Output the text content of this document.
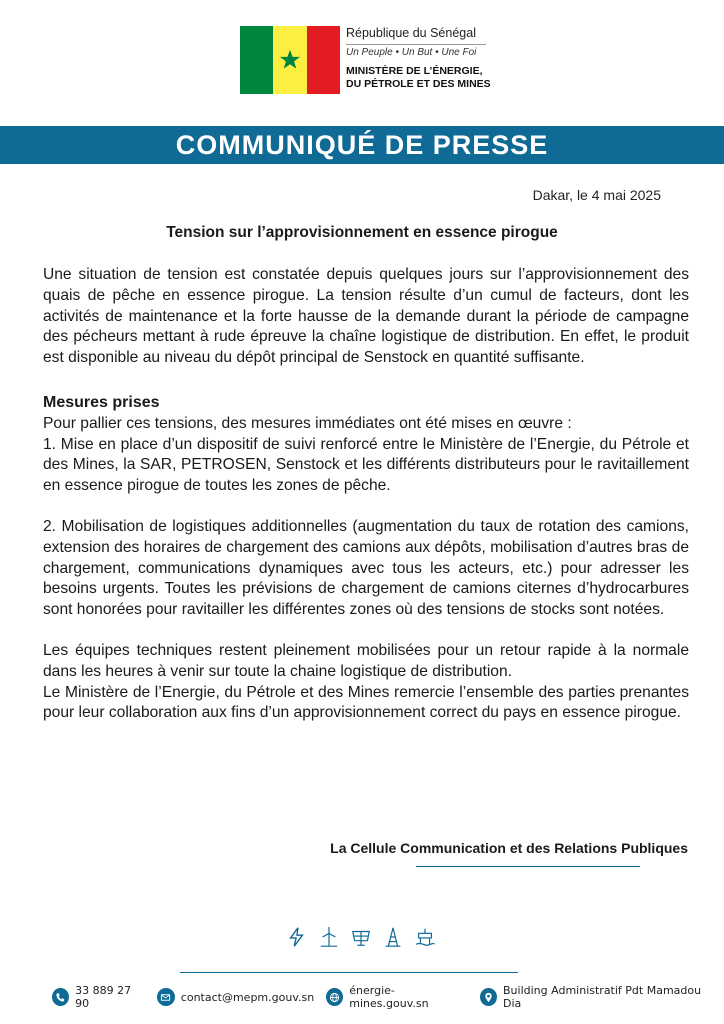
République du Sénégal
Un Peuple • Un But • Une Foi
MINISTÈRE DE L’ÉNERGIE,
DU PÉTROLE ET DES MINES
COMMUNIQUÉ DE PRESSE
Dakar, le 4 mai 2025
Tension sur l’approvisionnement en essence pirogue

Une situation de tension est constatée depuis quelques jours sur l’approvisionnement des quais de pêche en essence pirogue. La tension résulte d’un cumul de facteurs, dont les activités de maintenance et la forte hausse de la demande durant la période de campagne des pécheurs mettant à rude épreuve la chaîne logistique de distribution. En effet, le produit est disponible au niveau du dépôt principal de Senstock en quantité suffisante.

Mesures prises

Pour pallier ces tensions, des mesures immédiates ont été mises en œuvre :

1. Mise en place d’un dispositif de suivi renforcé entre le Ministère de l’Energie, du Pétrole et des Mines, la SAR, PETROSEN, Senstock et les différents distributeurs pour le ravitaillement en essence pirogue de toutes les zones de pêche.

2. Mobilisation de logistiques additionnelles (augmentation du taux de rotation des camions, extension des horaires de chargement des camions aux dépôts, mobilisation d’autres bras de chargement, communications dynamiques avec tous les acteurs, etc.) pour adresser les besoins urgents. Toutes les prévisions de chargement de camions citernes d’hydrocarbures sont honorées pour ravitailler les différentes zones où des tensions de stocks sont notées.

Les équipes techniques restent pleinement mobilisées pour un retour rapide à la normale dans les heures à venir sur toute la chaine logistique de distribution.

Le Ministère de l’Energie, du Pétrole et des Mines remercie l’ensemble des parties prenantes pour leur collaboration aux fins d’un approvisionnement correct du pays en essence pirogue.

La Cellule Communication et des Relations Publiques
33 889 27 90	contact@mepm.gouv.sn	énergie-mines.gouv.sn
Building Administratif Pdt Mamadou Dia
